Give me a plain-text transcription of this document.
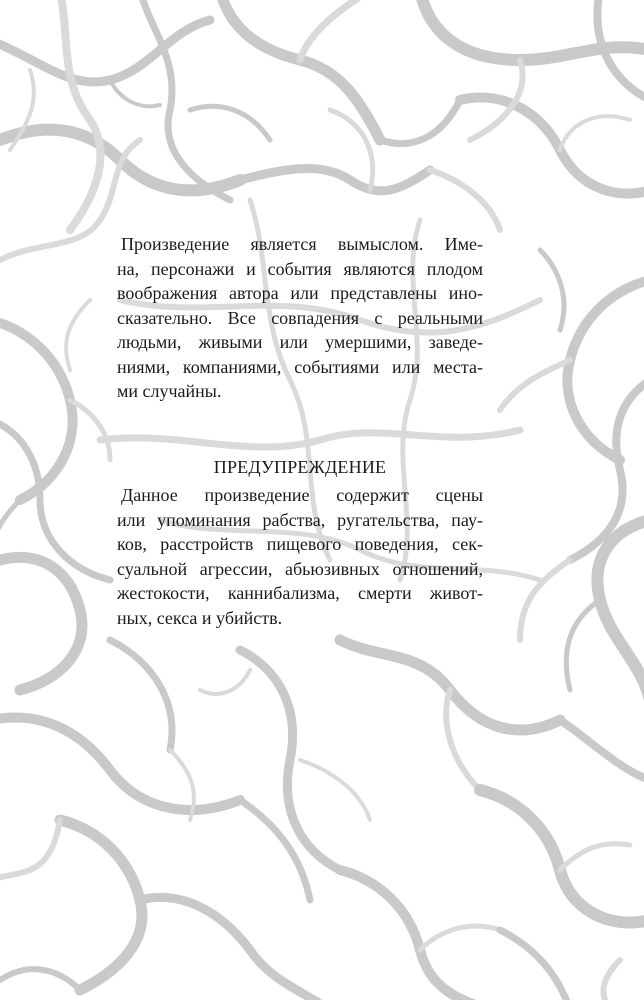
Произведение является вымыслом. Име-
на, персонажи и события являются плодом
воображения автора или представлены ино-
сказательно. Все совпадения с реальными
людьми, живыми или умершими, заведе-
ниями, компаниями, событиями или места-
ми случайны.
ПРЕДУПРЕЖДЕНИЕ
Данное произведение содержит сцены
или упоминания рабства, ругательства, пау-
ков, расстройств пищевого поведения, сек-
суальной агрессии, абьюзивных отношений,
жестокости, каннибализма, смерти живот-
ных, секса и убийств.
